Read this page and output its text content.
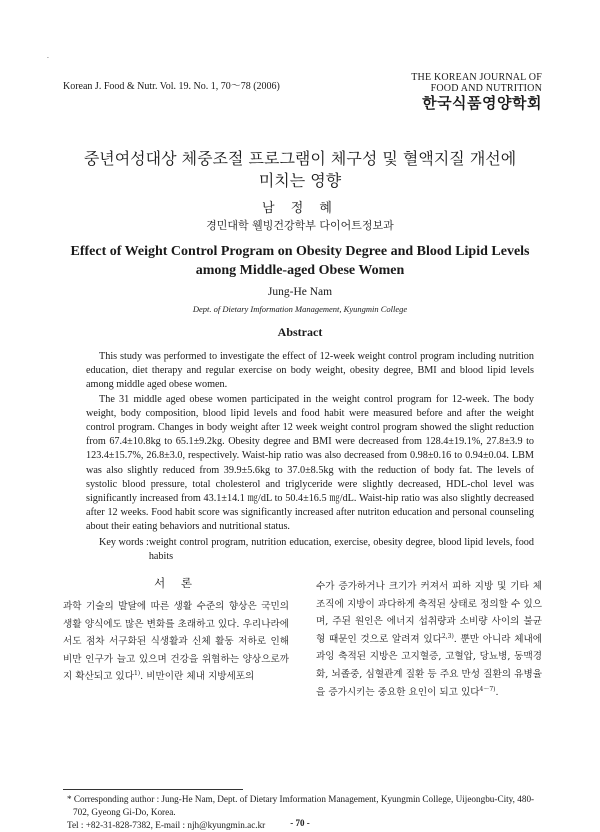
·
Korean J. Food & Nutr. Vol. 19. No. 1, 70～78 (2006)
THE KOREAN JOURNAL OF
FOOD AND NUTRITION
한국식품영양학회
중년여성대상 체중조절 프로그램이 체구성 및 혈액지질 개선에
미치는 영향
남 정 혜
경민대학 웰빙건강학부 다이어트정보과
Effect of Weight Control Program on Obesity Degree and Blood Lipid Levels
among Middle-aged Obese Women
Jung-He Nam
Dept. of Dietary Imformation Management, Kyungmin College
Abstract

This study was performed to investigate the effect of 12-week weight control program including nutrition education, diet therapy and regular exercise on body weight, obesity degree, BMI and blood lipid levels among middle aged obese women.

The 31 middle aged obese women participated in the weight control program for 12-week. The body weight, body composition, blood lipid levels and food habit were measured before and after the weight control program. Changes in body weight after 12 week weight control program showed the slight reduction from 67.4±10.8kg to 65.1±9.2kg. Obesity degree and BMI were decreased from 128.4±19.1%, 27.8±3.9 to 123.4±15.7%, 26.8±3.0, respectively. Waist-hip ratio was also decreased from 0.98±0.16 to 0.94±0.04. LBM was also slightly reduced from 39.9±5.6kg to 37.0±8.5kg with the reduction of body fat. The levels of systolic blood pressure, total cholesterol and triglyceride were slightly decreased, HDL-chol level was significantly increased from 43.1±14.1 ㎎/dL to 50.4±16.5 ㎎/dL. Waist-hip ratio was also slightly decreased after 12 weeks. Food habit score was significantly increased after nutriton education and personal counseling about their eating behaviors and nutritional status.

Key words : weight control program, nutrition education, exercise, obesity degree, blood lipid levels, food habits
서 론
과학 기술의 발달에 따른 생활 수준의 향상은 국민의 생활 양식에도 많은 변화를 초래하고 있다. 우리나라에서도 점차 서구화된 식생활과 신체 활동 저하로 인해 비만 인구가 늘고 있으며 건강을 위협하는 양상으로까지 확산되고 있다$^{1)}$. 비만이란 체내 지방세포의
수가 증가하거나 크기가 커져서 피하 지방 및 기타 체조직에 지방이 과다하게 축적된 상태로 정의할 수 있으며, 주된 원인은 에너지 섭취량과 소비량 사이의 불균형 때문인 것으로 알려져 있다$^{2,3)}$. 뿐만 아니라 체내에 과잉 축적된 지방은 고지혈증, 고혈압, 당뇨병, 동맥경화, 뇌졸중, 심혈관계 질환 등 주요 만성 질환의 유병율을 증가시키는 중요한 요인이 되고 있다$^{4\sim 7)}$.
* Corresponding author : Jung-He Nam, Dept. of Dietary Imformation Management, Kyungmin College, Uijeongbu-City, 480-702, Gyeong Gi-Do, Korea.
Tel : +82-31-828-7382, E-mail : njh@kyungmin.ac.kr	- 70 -
